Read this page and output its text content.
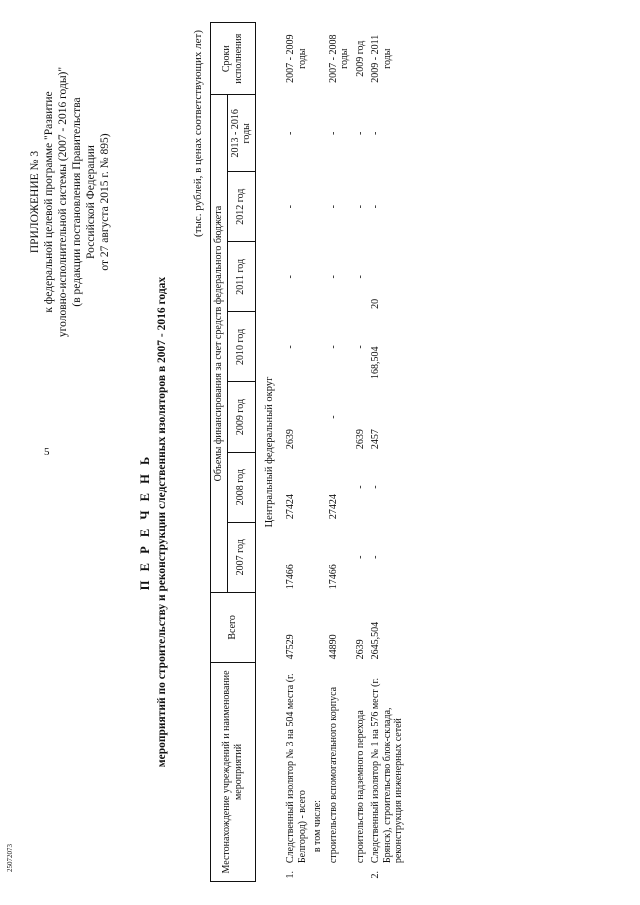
5
25072073
ПРИЛОЖЕНИЕ № 3 к федеральной целевой программе "Развитие уголовно-исполнительной системы (2007 - 2016 годы)" (в редакции постановления Правительства Российской Федерации от 27 августа 2015 г. № 895)
П Е Р Е Ч Е Н Ь мероприятий по строительству и реконструкции следственных изоляторов в 2007 - 2016 годах
(тыс. рублей, в ценах соответствующих лет)
Местонахождение учреждений и наименование мероприятий		Всего	Объемы финансирования за счет средств федерального бюджета							Сроки исполнения
			2007 год	2008 год	2009 год	2010 год	2011 год	2012 год	2013 - 2016 годы	
Центральный федеральный округ										
1.	Следственный изолятор № 3 на 504 места (г. Белгород) - всего	47529	17466	27424	2639	-	-	-	-	2007 - 2009 годы
	в том числе:									
	строительство вспомогательного корпуса	44890	17466	27424	-	-	-	-	-	2007 - 2008 годы
	строительство надземного перехода	2639	-	-	2639	-	-	-	-	2009 год
2.	Следственный изолятор № 1 на 576 мест (г. Брянск), строительство блок-склада, реконструкция инженерных сетей	2645,504	-	-	2457	168,504	20	-	-	2009 - 2011 годы
